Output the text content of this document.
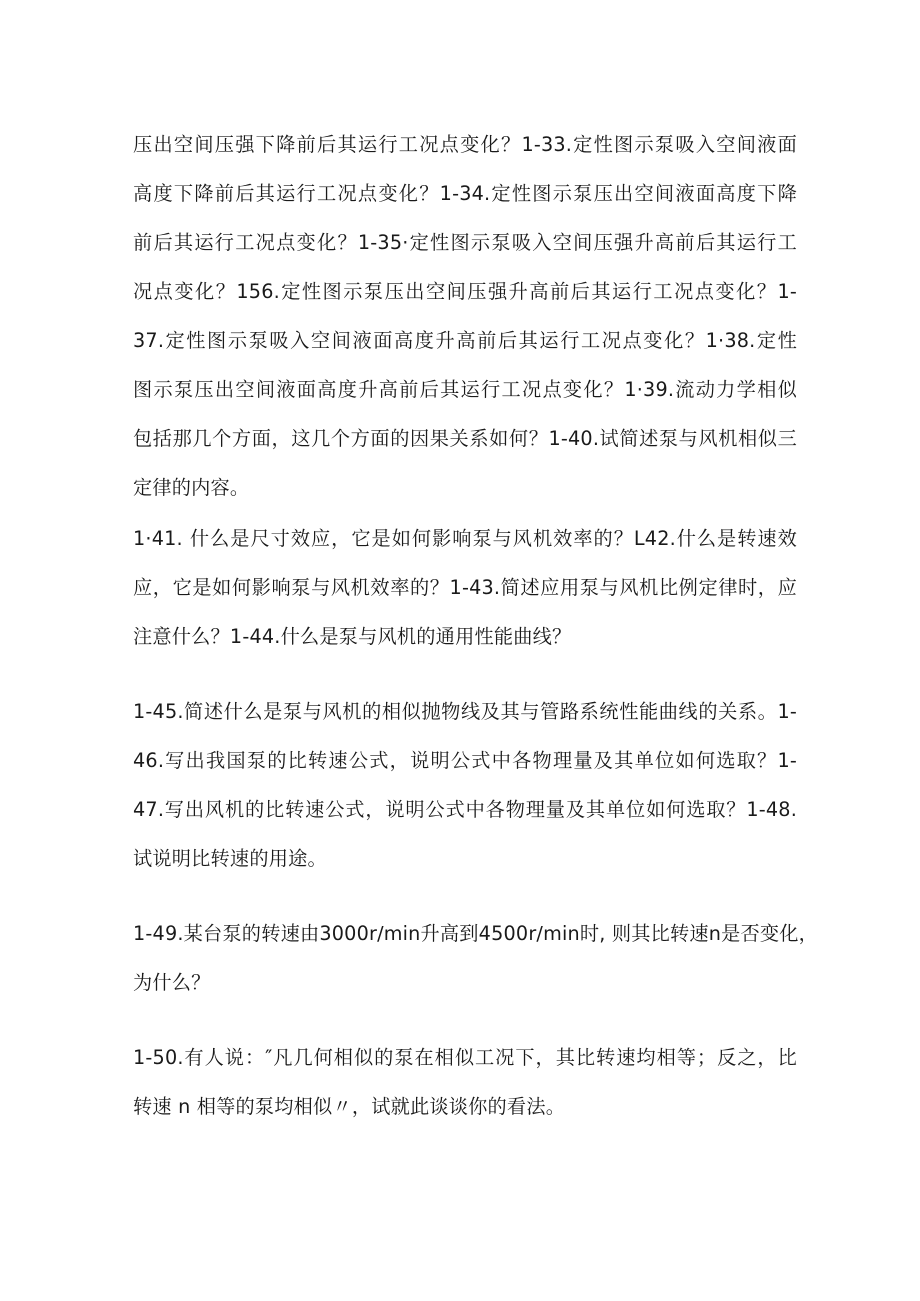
压出空间压强下降前后其运行工况点变化？1-33.定性图示泵吸入空间液面
高度下降前后其运行工况点变化？1-34.定性图示泵压出空间液面高度下降
前后其运行工况点变化？1-35·定性图示泵吸入空间压强升高前后其运行工
况点变化？156.定性图示泵压出空间压强升高前后其运行工况点变化？1-
37.定性图示泵吸入空间液面高度升高前后其运行工况点变化？1·38.定性
图示泵压出空间液面高度升高前后其运行工况点变化？1·39.流动力学相似
包括那几个方面，这几个方面的因果关系如何？1-40.试简述泵与风机相似三
定律的内容。
1·41. 什么是尺寸效应，它是如何影响泵与风机效率的？L42.什么是转速效
应，它是如何影响泵与风机效率的？1-43.简述应用泵与风机比例定律时，应
注意什么？1-44.什么是泵与风机的通用性能曲线？
1-45.简述什么是泵与风机的相似抛物线及其与管路系统性能曲线的关系。1-
46.写出我国泵的比转速公式，说明公式中各物理量及其单位如何选取？1-
47.写出风机的比转速公式，说明公式中各物理量及其单位如何选取？1-48.
试说明比转速的用途。
1-49.某台泵的转速由3000r∕min升高到4500r∕min时, 则其比转速n是否变化，
为什么？
1-50.有人说：″凡几何相似的泵在相似工况下，其比转速均相等；反之，比
转速 n 相等的泵均相似〃，试就此谈谈你的看法。
